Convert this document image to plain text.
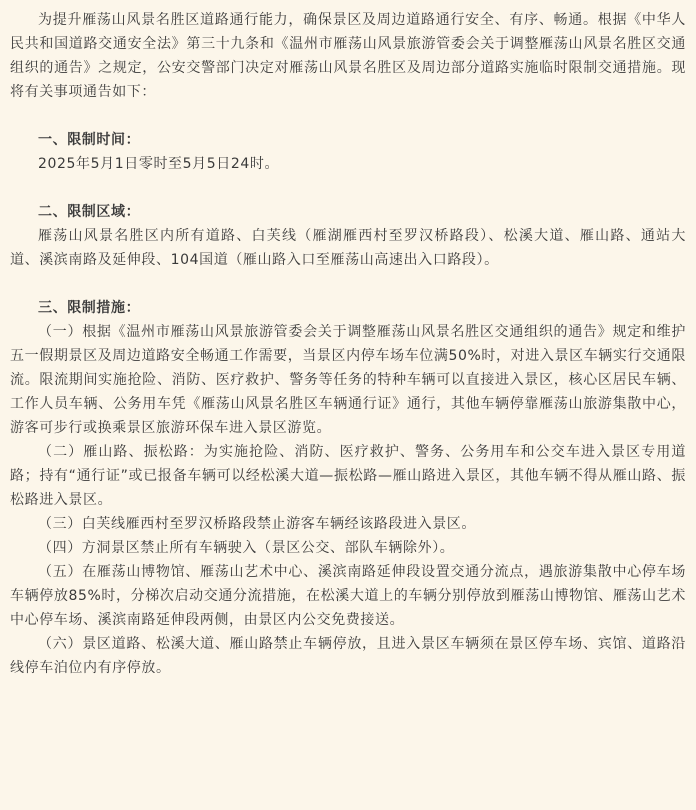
为提升雁荡山风景名胜区道路通行能力，确保景区及周边道路通行安全、有序、畅通。根据《中华人民共和国道路交通安全法》第三十九条和《温州市雁荡山风景旅游管委会关于调整雁荡山风景名胜区交通组织的通告》之规定，公安交警部门决定对雁荡山风景名胜区及周边部分道路实施临时限制交通措施。现将有关事项通告如下：

一、限制时间：

2025年5月1日零时至5月5日24时。

二、限制区域：

雁荡山风景名胜区内所有道路、白芙线（雁湖雁西村至罗汉桥路段）、松溪大道、雁山路、通站大道、溪滨南路及延伸段、104国道（雁山路入口至雁荡山高速出入口路段）。

三、限制措施：

（一）根据《温州市雁荡山风景旅游管委会关于调整雁荡山风景名胜区交通组织的通告》规定和维护五一假期景区及周边道路安全畅通工作需要，当景区内停车场车位满50%时，对进入景区车辆实行交通限流。限流期间实施抢险、消防、医疗救护、警务等任务的特种车辆可以直接进入景区，核心区居民车辆、工作人员车辆、公务用车凭《雁荡山风景名胜区车辆通行证》通行，其他车辆停靠雁荡山旅游集散中心，游客可步行或换乘景区旅游环保车进入景区游览。

（二）雁山路、振松路：为实施抢险、消防、医疗救护、警务、公务用车和公交车进入景区专用道路；持有“通行证”或已报备车辆可以经松溪大道—振松路—雁山路进入景区，其他车辆不得从雁山路、振松路进入景区。

（三）白芙线雁西村至罗汉桥路段禁止游客车辆经该路段进入景区。

（四）方洞景区禁止所有车辆驶入（景区公交、部队车辆除外）。

（五）在雁荡山博物馆、雁荡山艺术中心、溪滨南路延伸段设置交通分流点，遇旅游集散中心停车场车辆停放85%时，分梯次启动交通分流措施，在松溪大道上的车辆分别停放到雁荡山博物馆、雁荡山艺术中心停车场、溪滨南路延伸段两侧，由景区内公交免费接送。

（六）景区道路、松溪大道、雁山路禁止车辆停放，且进入景区车辆须在景区停车场、宾馆、道路沿线停车泊位内有序停放。
